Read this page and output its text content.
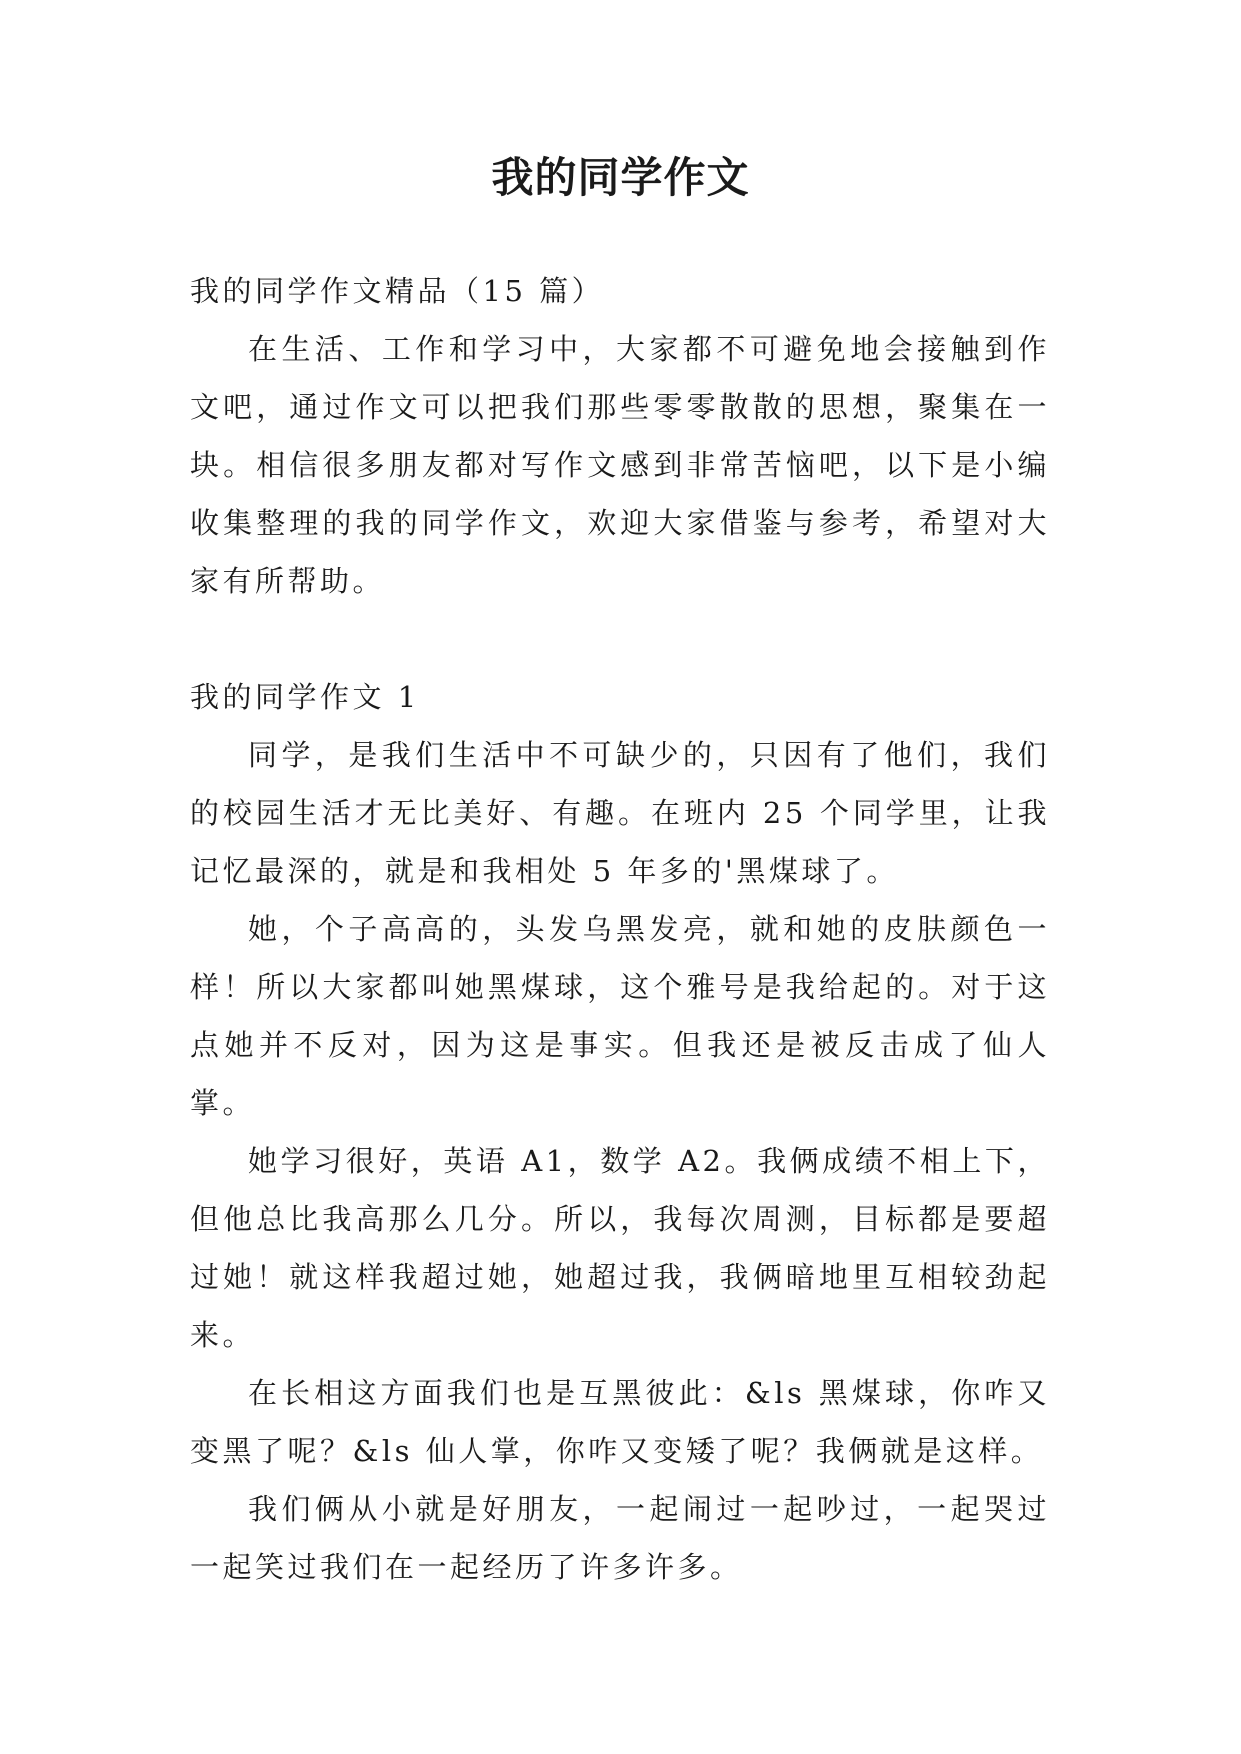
我的同学作文

我的同学作文精品（15 篇）

在生活、工作和学习中，大家都不可避免地会接触到作文吧，通过作文可以把我们那些零零散散的思想，聚集在一块。相信很多朋友都对写作文感到非常苦恼吧，以下是小编收集整理的我的同学作文，欢迎大家借鉴与参考，希望对大家有所帮助。

我的同学作文 1

同学，是我们生活中不可缺少的，只因有了他们，我们的校园生活才无比美好、有趣。在班内 25 个同学里，让我记忆最深的，就是和我相处 5 年多的'黑煤球了。

她，个子高高的，头发乌黑发亮，就和她的皮肤颜色一样！所以大家都叫她黑煤球，这个雅号是我给起的。对于这点她并不反对，因为这是事实。但我还是被反击成了仙人掌。

她学习很好，英语 A1，数学 A2。我俩成绩不相上下，但他总比我高那么几分。所以，我每次周测，目标都是要超过她！就这样我超过她，她超过我，我俩暗地里互相较劲起来。

在长相这方面我们也是互黑彼此：&ls 黑煤球，你咋又变黑了呢？&ls 仙人掌，你咋又变矮了呢？我俩就是这样。

我们俩从小就是好朋友，一起闹过一起吵过，一起哭过一起笑过我们在一起经历了许多许多。
